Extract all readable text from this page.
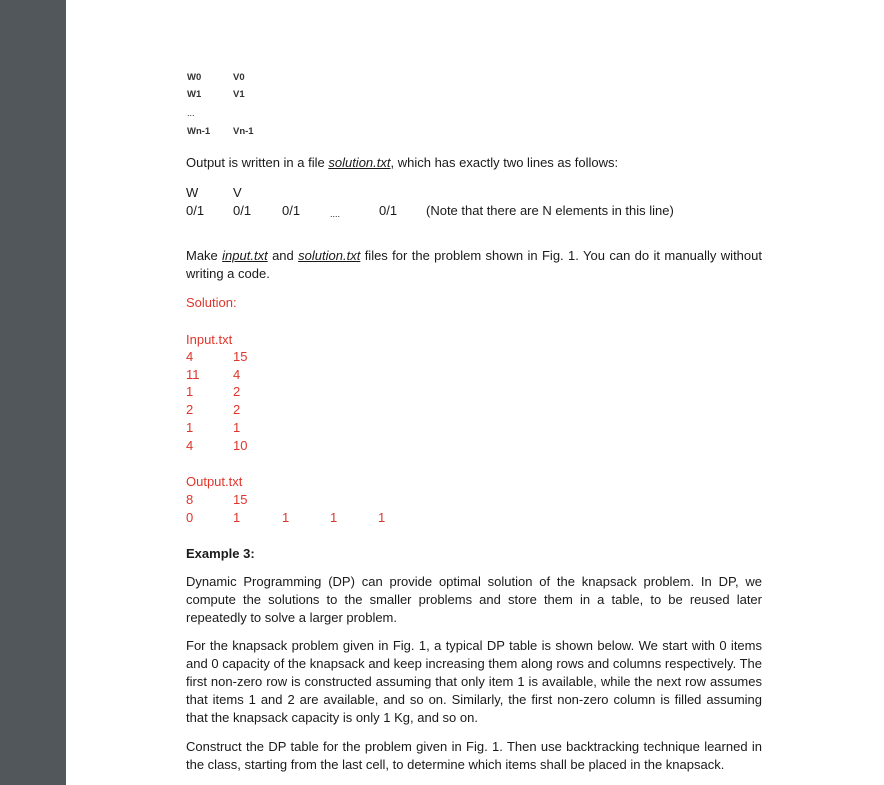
W0	V0
W1	V1
...
Wn-1 Vn-1
Output is written in a file solution.txt, which has exactly two lines as follows:
W	V
0/1 0/1 0/1	....	0/1 (Note that there are N elements in this line)
Make input.txt and solution.txt files for the problem shown in Fig. 1. You can do it manually without writing a code.
Solution:
Input.txt
4	15
11	4
1	2
2	2
1	1
4	10
Output.txt
8	15
0	1	1	1	1
Example 3:
Dynamic Programming (DP) can provide optimal solution of the knapsack problem. In DP, we compute the solutions to the smaller problems and store them in a table, to be reused later repeatedly to solve a larger problem.
For the knapsack problem given in Fig. 1, a typical DP table is shown below. We start with 0 items and 0 capacity of the knapsack and keep increasing them along rows and columns respectively. The first non-zero row is constructed assuming that only item 1 is available, while the next row assumes that items 1 and 2 are available, and so on. Similarly, the first non-zero column is filled assuming that the knapsack capacity is only 1 Kg, and so on.
Construct the DP table for the problem given in Fig. 1. Then use backtracking technique learned in the class, starting from the last cell, to determine which items shall be placed in the knapsack.
